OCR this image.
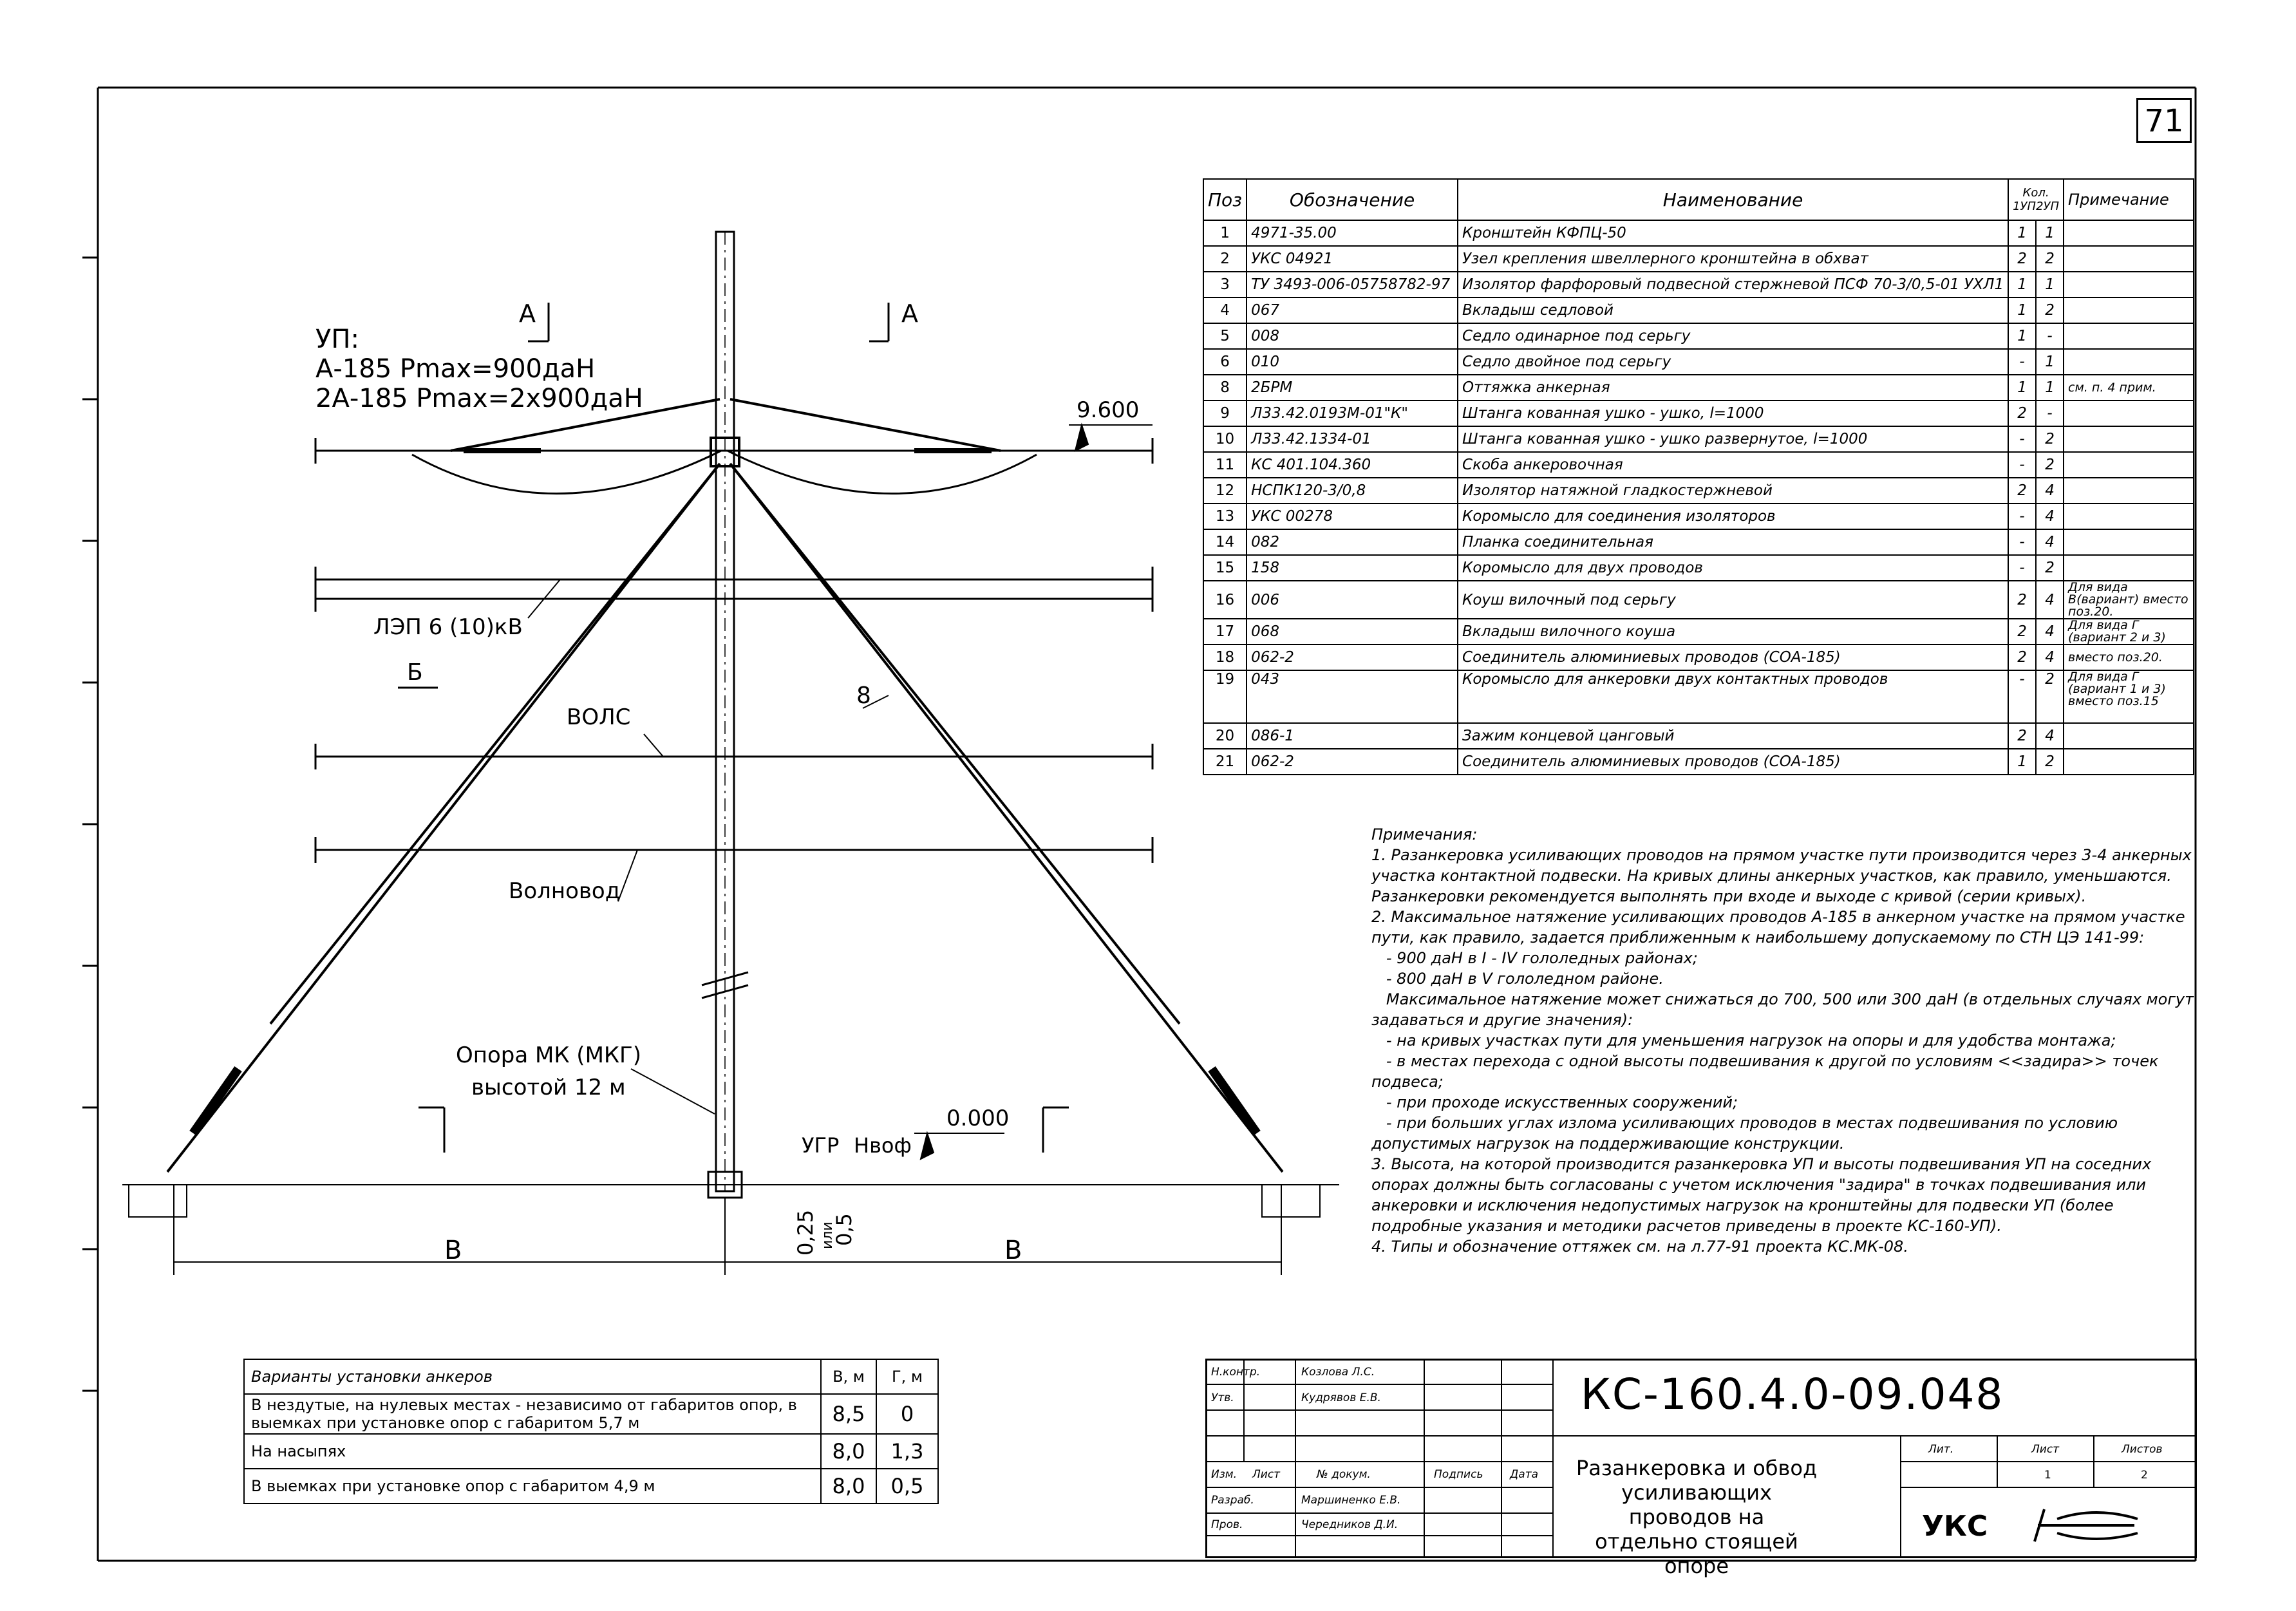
УП:
А-185 Pmax=900даН
2А-185 Pmax=2x900даН
А	А
Б
9.600
0.000
ЛЭП 6 (10)кВ
ВОЛС
Волновод
8
Опора МК (МКГ)
высотой 12 м
УГР Нвоф
0,25 или
0,5
В	В
71
Поз	Обозначение	Наименование	Кол.
1УП2УП		Примечание
1	4971-35.00	Кронштейн КФПЦ-50	1	1	
2	УКС 04921	Узел крепления швеллерного кронштейна в обхват	2	2	
3	ТУ 3493-006-05758782-97	Изолятор фарфоровый подвесной стержневой ПСФ 70-3/0,5-01 УХЛ1	1	1	
4	067	Вкладыш седловой	1	2	
5	008	Седло одинарное под серьгу	1	-	
6	010	Седло двойное под серьгу	-	1	
8	2БРМ	Оттяжка анкерная	1	1	см. п. 4 прим.
9	Л33.42.0193М-01"К"	Штанга кованная ушко - ушко, l=1000	2	-	
10	Л33.42.1334-01	Штанга кованная ушко - ушко развернутое, l=1000	-	2	
11	КС 401.104.360	Скоба анкеровочная	-	2	
12	НСПК120-3/0,8	Изолятор натяжной гладкостержневой	2	4	
13	УКС 00278	Коромысло для соединения изоляторов	-	4	
14	082	Планка соединительная	-	4	
15	158	Коромысло для двух проводов	-	2	
16	006	Коуш вилочный под серьгу	2	4	Для вида В(вариант) вместо поз.20.
17	068	Вкладыш вилочного коуша	2	4	Для вида Г (вариант 2 и 3)
18	062-2	Соединитель алюминиевых проводов (СОА-185)	2	4	вместо поз.20.
19	043	Коромысло для анкеровки двух контактных проводов	-	2	Для вида Г (вариант 1 и 3) вместо поз.15
20	086-1	Зажим концевой цанговый	2	4	
21	062-2	Соединитель алюминиевых проводов (СОА-185)	1	2	

Примечания:

1. Разанкеровка усиливающих проводов на прямом участке пути производится через 3-4 анкерных участка контактной подвески. На кривых длины анкерных участков, как правило, уменьшаются. Разанкеровки рекомендуется выполнять при входе и выходе с кривой (серии кривых).

2. Максимальное натяжение усиливающих проводов А-185 в анкерном участке на прямом участке пути, как правило, задается приближенным к наибольшему допускаемому по СТН ЦЭ 141-99:

- 900 даН в I - IV гололедных районах;

- 800 даН в V гололедном районе.

Максимальное натяжение может снижаться до 700, 500 или 300 даН (в отдельных случаях могут задаваться и другие значения):

- на кривых участках пути для уменьшения нагрузок на опоры и для удобства монтажа;

- в местах перехода с одной высоты подвешивания к другой по условиям <<задира>> точек подвеса;

- при проходе искусственных сооружений;

- при больших углах излома усиливающих проводов в местах подвешивания по условию допустимых нагрузок на поддерживающие конструкции.

3. Высота, на которой производится разанкеровка УП и высоты подвешивания УП на соседних опорах должны быть согласованы с учетом исключения "задира" в точках подвешивания или анкеровки и исключения недопустимых нагрузок на кронштейны для подвески УП (более подробные указания и методики расчетов приведены в проекте КС-160-УП).

4. Типы и обозначение оттяжек см. на л.77-91 проекта КС.МК-08.

Варианты установки анкеров	В, м	Г, м
В нездутые, на нулевых местах - независимо от габаритов опор, в выемках при установке опор с габаритом 5,7 м	8,5	0
На насыпях	8,0	1,3
В выемках при установке опор с габаритом 4,9 м	8,0	0,5
КС-160.4.0-09.048
Разанкеровка и обвод
усиливающих проводов на
отдельно стоящей опоре
УКС
Изм. Лист	№ докум.	Подпись Дата
Разраб.	Маршиненко Е.В.
Пров.	Чередников Д.И.
Н.контр.	Козлова Л.С.
Утв.	Кудрявов Е.В.
Лит.	Лист	Листов
1	2
